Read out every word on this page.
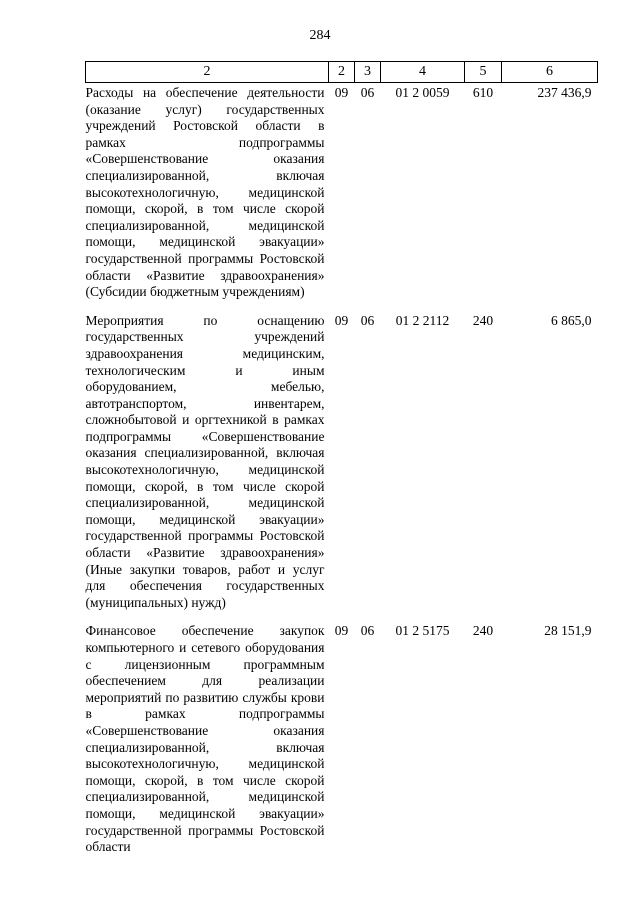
284
2	2	3	4	5	6
Расходы на обеспечение деятельности (оказание услуг) государственных учреждений Ростовской области в рамках подпрограммы «Совершенствование оказания специализированной, включая высокотехнологичную, медицинской помощи, скорой, в том числе скорой специализированной, медицинской помощи, медицинской эвакуации» государственной программы Ростовской области «Развитие здравоохранения» (Субсидии бюджетным учреждениям)	09	06	01 2 0059	610	237 436,9

Мероприятия по оснащению государственных учреждений здравоохранения медицинским, технологическим и иным оборудованием, мебелью, автотранспортом, инвентарем, сложнобытовой и оргтехникой в рамках подпрограммы «Совершенствование оказания специализированной, включая высокотехнологичную, медицинской помощи, скорой, в том числе скорой специализированной, медицинской помощи, медицинской эвакуации» государственной программы Ростовской области «Развитие здравоохранения» (Иные закупки товаров, работ и услуг для обеспечения государственных (муниципальных) нужд)	09	06	01 2 2112	240	6 865,0

Финансовое обеспечение закупок компьютерного и сетевого оборудования с лицензионным программным обеспечением для реализации мероприятий по развитию службы крови в рамках подпрограммы «Совершенствование оказания специализированной, включая высокотехнологичную, медицинской помощи, скорой, в том числе скорой специализированной, медицинской помощи, медицинской эвакуации» государственной программы Ростовской области	09	06	01 2 5175	240	28 151,9
